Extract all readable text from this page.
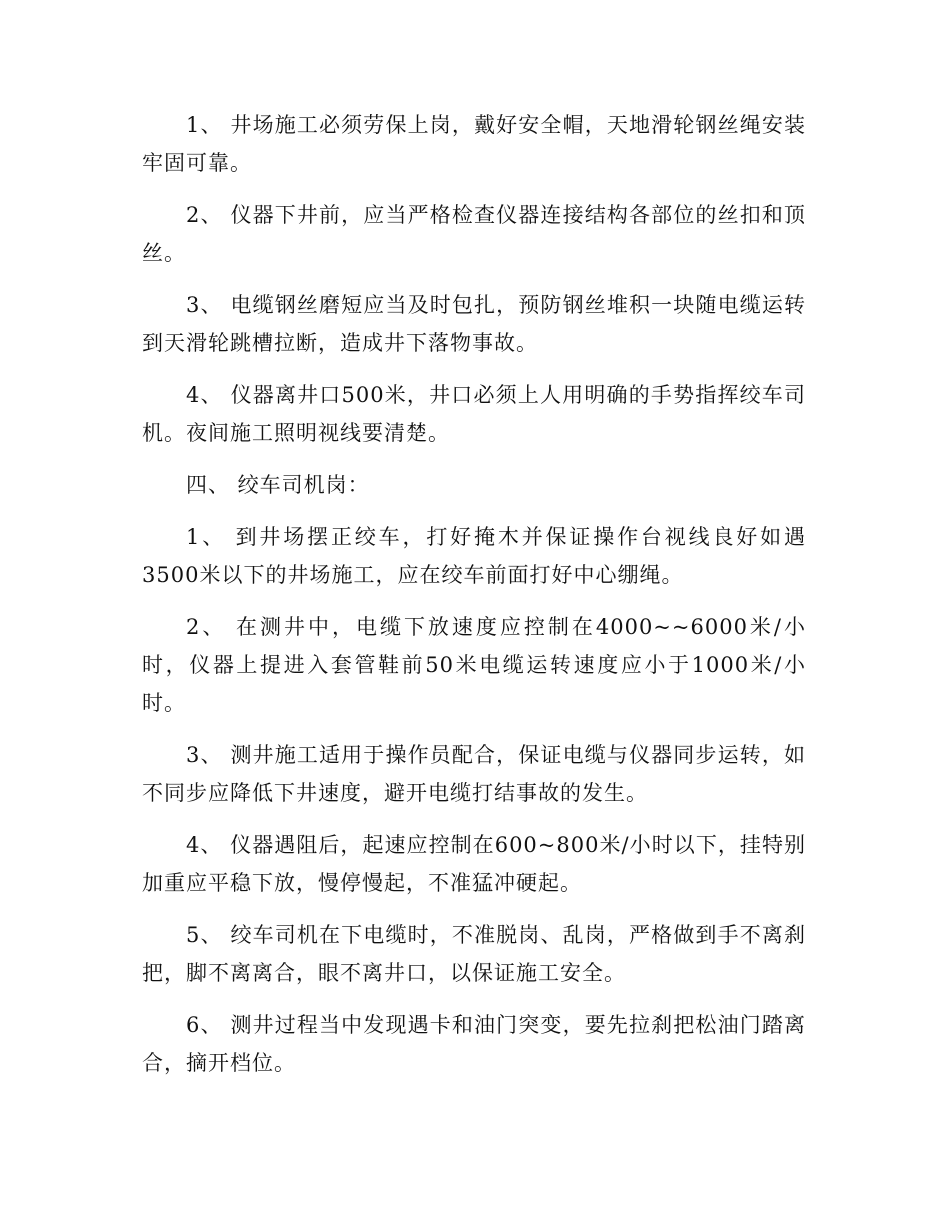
1、 井场施工必须劳保上岗，戴好安全帽，天地滑轮钢丝绳安装牢固可靠。

2、 仪器下井前，应当严格检查仪器连接结构各部位的丝扣和顶丝。

3、 电缆钢丝磨短应当及时包扎，预防钢丝堆积一块随电缆运转到天滑轮跳槽拉断，造成井下落物事故。

4、 仪器离井口500米，井口必须上人用明确的手势指挥绞车司机。夜间施工照明视线要清楚。

四、 绞车司机岗：

1、 到井场摆正绞车，打好掩木并保证操作台视线良好如遇3500米以下的井场施工，应在绞车前面打好中心绷绳。

2、 在测井中，电缆下放速度应控制在4000~~6000米/小时，仪器上提进入套管鞋前50米电缆运转速度应小于1000米/小时。

3、 测井施工适用于操作员配合，保证电缆与仪器同步运转，如不同步应降低下井速度，避开电缆打结事故的发生。

4、 仪器遇阻后，起速应控制在600~800米/小时以下，挂特别加重应平稳下放，慢停慢起，不准猛冲硬起。

5、 绞车司机在下电缆时，不准脱岗、乱岗，严格做到手不离刹把，脚不离离合，眼不离井口，以保证施工安全。

6、 测井过程当中发现遇卡和油门突变，要先拉刹把松油门踏离合，摘开档位。
